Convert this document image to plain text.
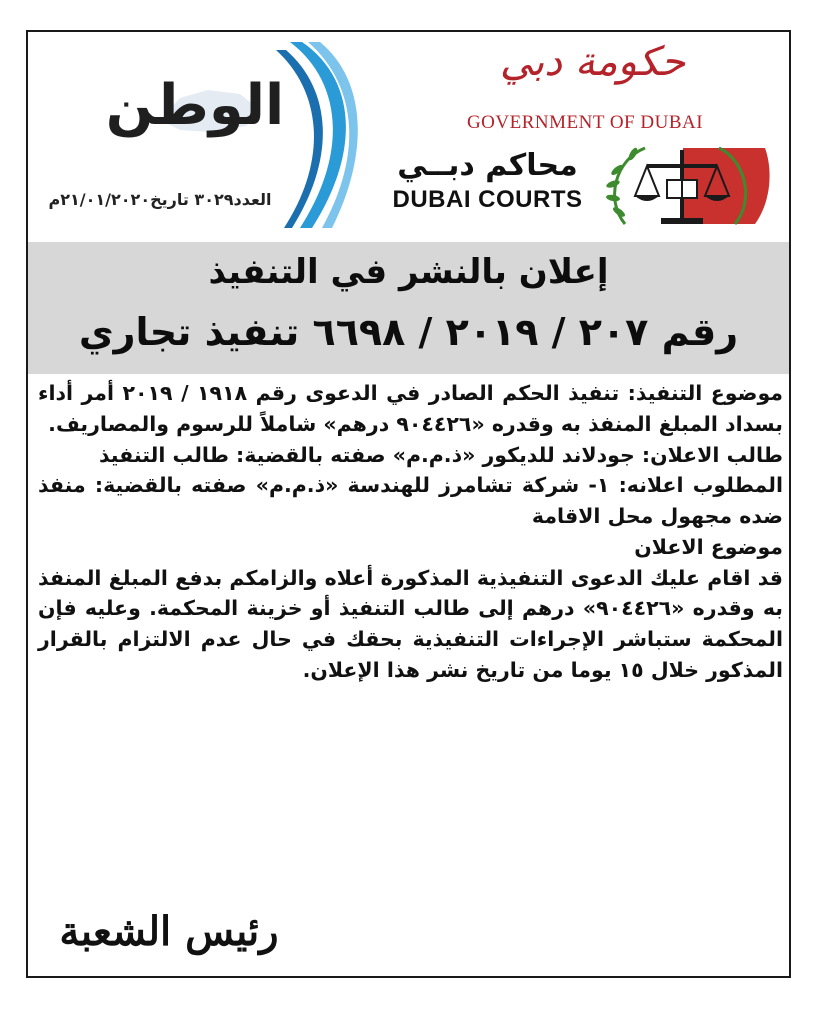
الوطن
العدد٣٠٢٩ تاريخ٢١/٠١/٢٠٢٠م
حكومة دبي
GOVERNMENT OF DUBAI
محاكم دبــي
DUBAI COURTS
إعلان بالنشر في التنفيذ
رقم ٢٠٧ / ٢٠١٩ / ٦٦٩٨ تنفيذ تجاري

موضوع التنفيذ: تنفيذ الحكم الصادر في الدعوى رقم ١٩١٨ / ٢٠١٩ أمر أداء بسداد المبلغ المنفذ به وقدره «٩٠٤٤٢٦ درهم» شاملاً للرسوم والمصاريف.

طالب الاعلان: جودلاند للديكور «ذ.م.م» صفته بالقضية: طالب التنفيذ

المطلوب اعلانه: ١- شركة تشامرز للهندسة «ذ.م.م» صفته بالقضية: منفذ ضده مجهول محل الاقامة

موضوع الاعلان

قد اقام عليك الدعوى التنفيذية المذكورة أعلاه والزامكم بدفع المبلغ المنفذ به وقدره «٩٠٤٤٢٦» درهم إلى طالب التنفيذ أو خزينة المحكمة. وعليه فإن المحكمة ستباشر الإجراءات التنفيذية بحقك في حال عدم الالتزام بالقرار المذكور خلال ١٥ يوما من تاريخ نشر هذا الإعلان.

رئيس الشعبة
